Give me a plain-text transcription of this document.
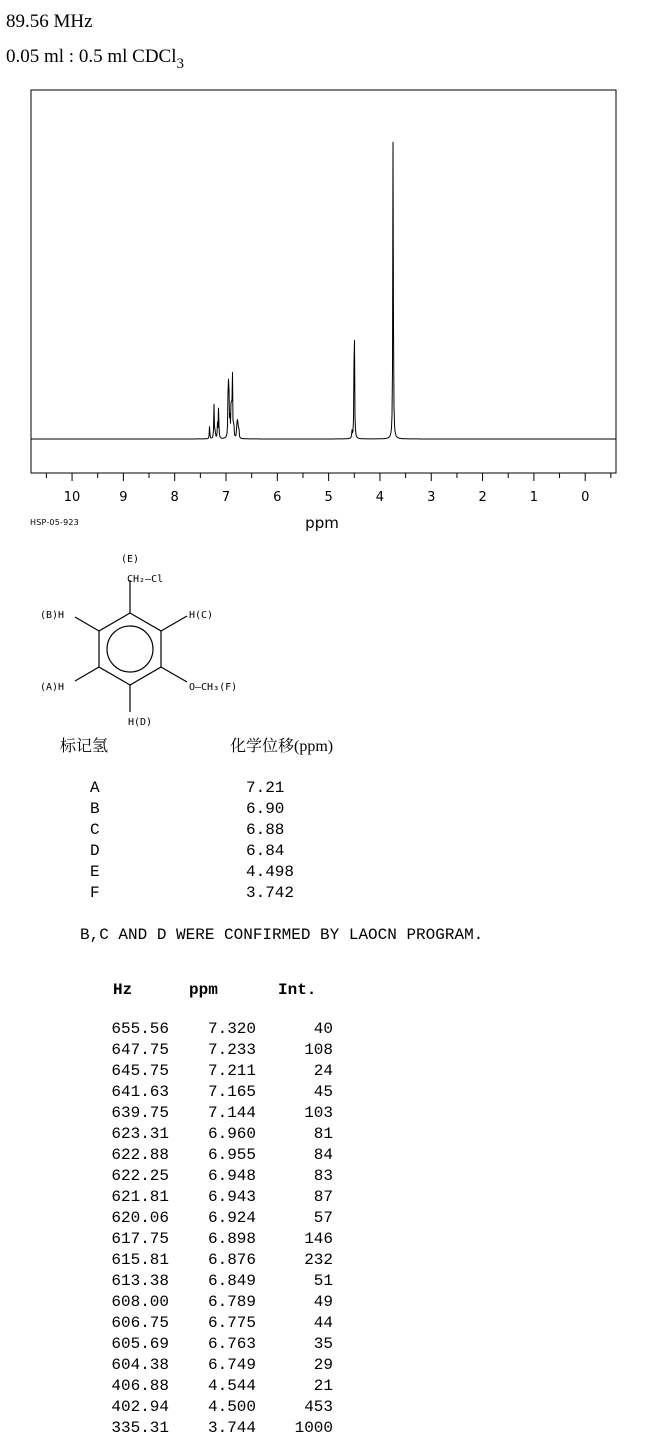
89.56 MHz
0.05 ml : 0.5 ml CDCl$_3$
10	9	8	7	6	5	4	3	2	1	0
ppm
HSP-05-923
(E)
CH₂—Cl
(B)H	H(C)
(A)H	O—CH₃(F)
H(D)
标记氢	化学位移(ppm)
A	7.21
B	6.90
C	6.88
D	6.84
E	4.498
F	3.742
B,C AND D WERE CONFIRMED BY LAOCN PROGRAM.
Hz	ppm	Int.
655.56	7.320	40
647.75	7.233	108
645.75	7.211	24
641.63	7.165	45
639.75	7.144	103
623.31	6.960	81
622.88	6.955	84
622.25	6.948	83
621.81	6.943	87
620.06	6.924	57
617.75	6.898	146
615.81	6.876	232
613.38	6.849	51
608.00	6.789	49
606.75	6.775	44
605.69	6.763	35
604.38	6.749	29
406.88	4.544	21
402.94	4.500	453
335.31	3.744	1000
